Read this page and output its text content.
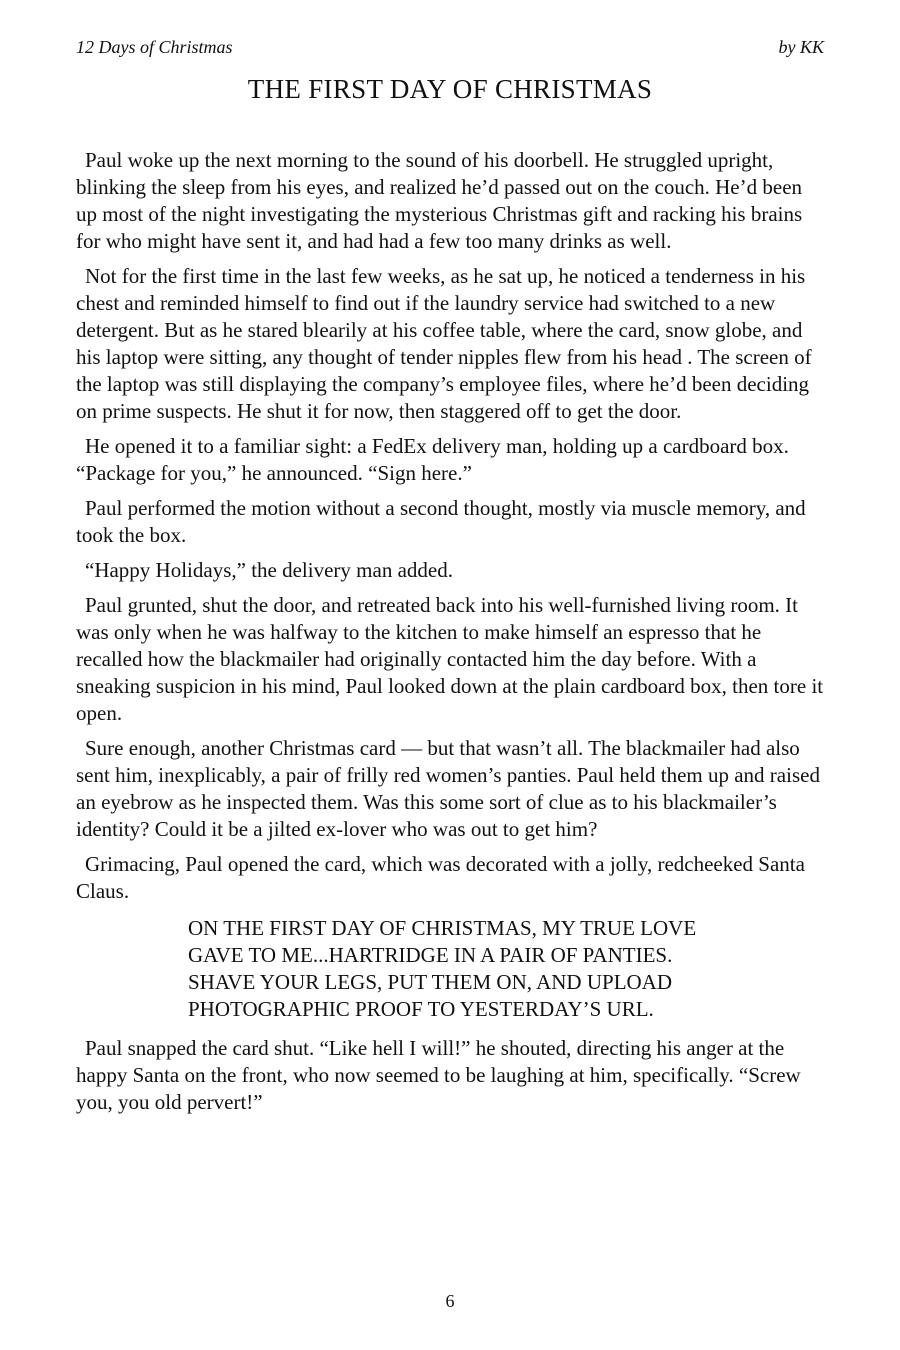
12 Days of Christmas	by KK
THE FIRST DAY OF CHRISTMAS

Paul woke up the next morning to the sound of his doorbell. He struggled upright, blinking the sleep from his eyes, and realized he’d passed out on the couch. He’d been up most of the night investigating the mysterious Christmas gift and racking his brains for who might have sent it, and had had a few too many drinks as well.

Not for the first time in the last few weeks, as he sat up, he noticed a tenderness in his chest and reminded himself to find out if the laundry service had switched to a new detergent. But as he stared blearily at his coffee table, where the card, snow globe, and his laptop were sitting, any thought of tender nipples flew from his head . The screen of the laptop was still displaying the company’s employee files, where he’d been deciding on prime suspects. He shut it for now, then staggered off to get the door.

He opened it to a familiar sight: a FedEx delivery man, holding up a cardboard box. “Package for you,” he announced. “Sign here.”

Paul performed the motion without a second thought, mostly via muscle memory, and took the box.

“Happy Holidays,” the delivery man added.

Paul grunted, shut the door, and retreated back into his well-furnished living room. It was only when he was halfway to the kitchen to make himself an espresso that he recalled how the blackmailer had originally contacted him the day before. With a sneaking suspicion in his mind, Paul looked down at the plain cardboard box, then tore it open.

Sure enough, another Christmas card — but that wasn’t all. The blackmailer had also sent him, inexplicably, a pair of frilly red women’s panties. Paul held them up and raised an eyebrow as he inspected them. Was this some sort of clue as to his blackmailer’s identity? Could it be a jilted ex-lover who was out to get him?

Grimacing, Paul opened the card, which was decorated with a jolly, redcheeked Santa Claus.

ON THE FIRST DAY OF CHRISTMAS, MY TRUE LOVE GAVE TO ME...HARTRIDGE IN A PAIR OF PANTIES. SHAVE YOUR LEGS, PUT THEM ON, AND UPLOAD PHOTOGRAPHIC PROOF TO YESTERDAY’S URL.

Paul snapped the card shut. “Like hell I will!” he shouted, directing his anger at the happy Santa on the front, who now seemed to be laughing at him, specifically. “Screw you, you old pervert!”

6
